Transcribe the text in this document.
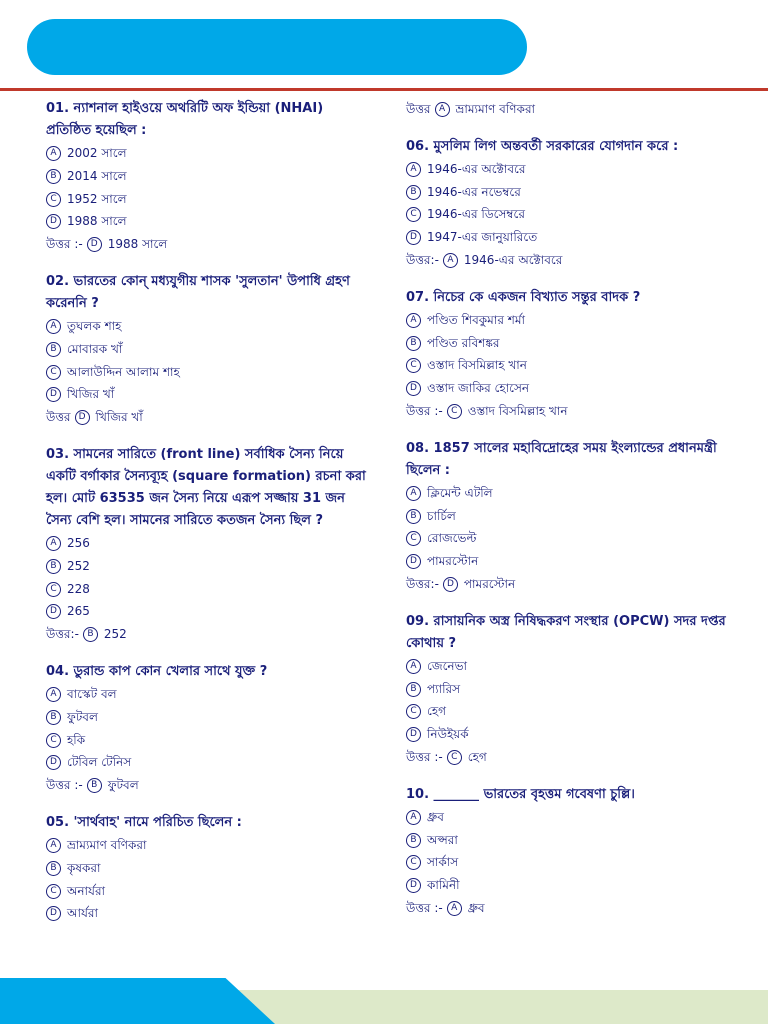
01. ন্যাশনাল হাইওয়ে অথরিটি অফ ইন্ডিয়া (NHAI) প্রতিষ্ঠিত হয়েছিল :
A 2002 সালে
B 2014 সালে
C 1952 সালে
D 1988 সালে
উত্তর :- D 1988 সালে
02. ভারতের কোন্ মধ্যযুগীয় শাসক 'সুলতান' উপাধি গ্রহণ করেননি ?
A তুঘলক শাহ
B মোবারক খাঁ
C আলাউদ্দিন আলাম শাহ
D খিজির খাঁ
উত্তর D খিজির খাঁ
03. সামনের সারিতে (front line) সর্বাধিক সৈন্য নিয়ে একটি বর্গাকার সৈন্যব্যূহ (square formation) রচনা করা হল। মোট 63535 জন সৈন্য নিয়ে এরূপ সজ্জায় 31 জন সৈন্য বেশি হল। সামনের সারিতে কতজন সৈন্য ছিল ?
A 256
B 252
C 228
D 265
উত্তর:- B 252
04. ডুরান্ড কাপ কোন খেলার সাথে যুক্ত ?
A বাস্কেট বল
B ফুটবল
C হকি
D টেবিল টেনিস
উত্তর :- B ফুটবল
05. 'সার্থবাহ' নামে পরিচিত ছিলেন :
A ভ্রাম্যমাণ বণিকরা
B কৃষকরা
C অনার্যরা
D আর্যরা
উত্তর A ভ্রাম্যমাণ বণিকরা
06. মুসলিম লিগ অন্তবর্তী সরকারের যোগদান করে :
A 1946-এর অক্টোবরে
B 1946-এর নভেম্বরে
C 1946-এর ডিসেম্বরে
D 1947-এর জানুয়ারিতে
উত্তর:- A 1946-এর অক্টোবরে
07. নিচের কে একজন বিখ্যাত সন্তুর বাদক ?
A পণ্ডিত শিবকুমার শর্মা
B পণ্ডিত রবিশঙ্কর
C ওস্তাদ বিসমিল্লাহ খান
D ওস্তাদ জাকির হোসেন
উত্তর :- C ওস্তাদ বিসমিল্লাহ খান
08. 1857 সালের মহাবিদ্রোহের সময় ইংল্যান্ডের প্রধানমন্ত্রী ছিলেন :
A ক্লিমেন্ট এটলি
B চার্চিল
C রোজভেল্ট
D পামরস্টোন
উত্তর:- D পামরস্টোন
09. রাসায়নিক অস্ত্র নিষিদ্ধকরণ সংস্থার (OPCW) সদর দপ্তর কোথায় ?
A জেনেভা
B প্যারিস
C হেগ
D নিউইয়র্ক
উত্তর :- C হেগ
10. _______ ভারতের বৃহত্তম গবেষণা চুল্লি।
A ধ্রুব
B অপ্সরা
C সার্কাস
D কামিনী
উত্তর :- A ধ্রুব
